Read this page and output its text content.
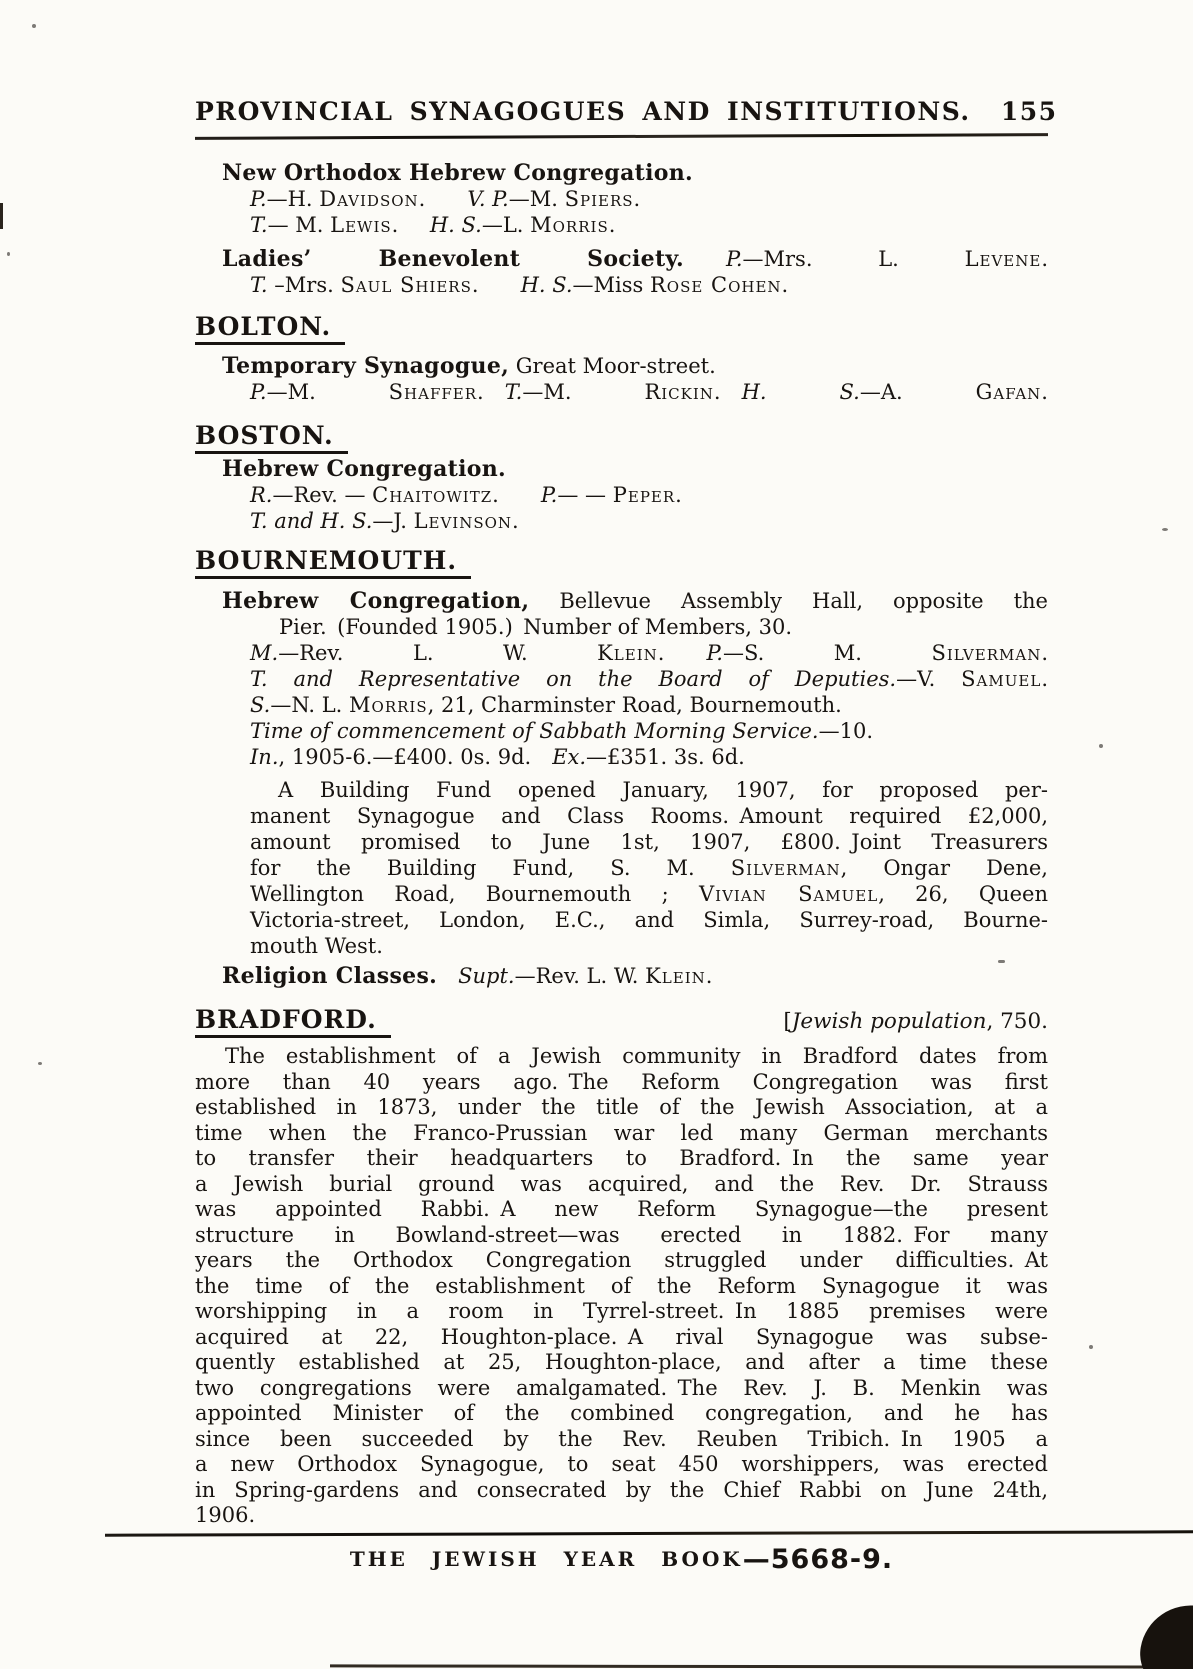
PROVINCIAL SYNAGOGUES AND INSTITUTIONS. 155
New Orthodox Hebrew Congregation.
P.—H. Davidson.  V. P.—M. Spiers.
T.— M. Lewis.  H. S.—L. Morris.
Ladies’ Benevolent Society.   P.—Mrs. L. Levene.
T. –Mrs. Saul Shiers.  H. S.—Miss Rose Cohen.
BOLTON.
Temporary Synagogue, Great Moor-street.
P.—M. Shaffer. T.—M. Rickin. H. S.—A. Gafan.
BOSTON.
Hebrew Congregation.
R.—Rev. — Chaitowitz.  P.— — Peper.
T. and H. S.—J. Levinson.
BOURNEMOUTH.
Hebrew Congregation, Bellevue Assembly Hall, opposite the
Pier. (Founded 1905.) Number of Members, 30.
M.—Rev. L. W. Klein.  P.—S. M. Silverman.
T. and Representative on the Board of Deputies.—V. Samuel.
S.—N. L. Morris, 21, Charminster Road, Bournemouth.
Time of commencement of Sabbath Morning Service.—10.
In., 1905-6.—£400. 0s. 9d. Ex.—£351. 3s. 6d.
A Building Fund opened January, 1907, for proposed per-
manent Synagogue and Class Rooms. Amount required £2,000,
amount promised to June 1st, 1907, £800. Joint Treasurers
for the Building Fund, S. M. Silverman, Ongar Dene,
Wellington Road, Bournemouth ; Vivian Samuel, 26, Queen
Victoria-street, London, E.C., and Simla, Surrey-road, Bourne-
mouth West.
Religion Classes.  Supt.—Rev. L. W. Klein.
BRADFORD.	[Jewish population, 750.
The establishment of a Jewish community in Bradford dates from
more than 40 years ago. The Reform Congregation was first
established in 1873, under the title of the Jewish Association, at a
time when the Franco-Prussian war led many German merchants
to transfer their headquarters to Bradford. In the same year
a Jewish burial ground was acquired, and the Rev. Dr. Strauss
was appointed Rabbi. A new Reform Synagogue—the present
structure in Bowland-street—was erected in 1882. For many
years the Orthodox Congregation struggled under difficulties. At
the time of the establishment of the Reform Synagogue it was
worshipping in a room in Tyrrel-street. In 1885 premises were
acquired at 22, Houghton-place. A rival Synagogue was subse-
quently established at 25, Houghton-place, and after a time these
two congregations were amalgamated. The Rev. J. B. Menkin was
appointed Minister of the combined congregation, and he has
since been succeeded by the Rev. Reuben Tribich. In 1905 a
a new Orthodox Synagogue, to seat 450 worshippers, was erected
in Spring-gardens and consecrated by the Chief Rabbi on June 24th,
1906.
THE JEWISH YEAR BOOK—5668-9.
